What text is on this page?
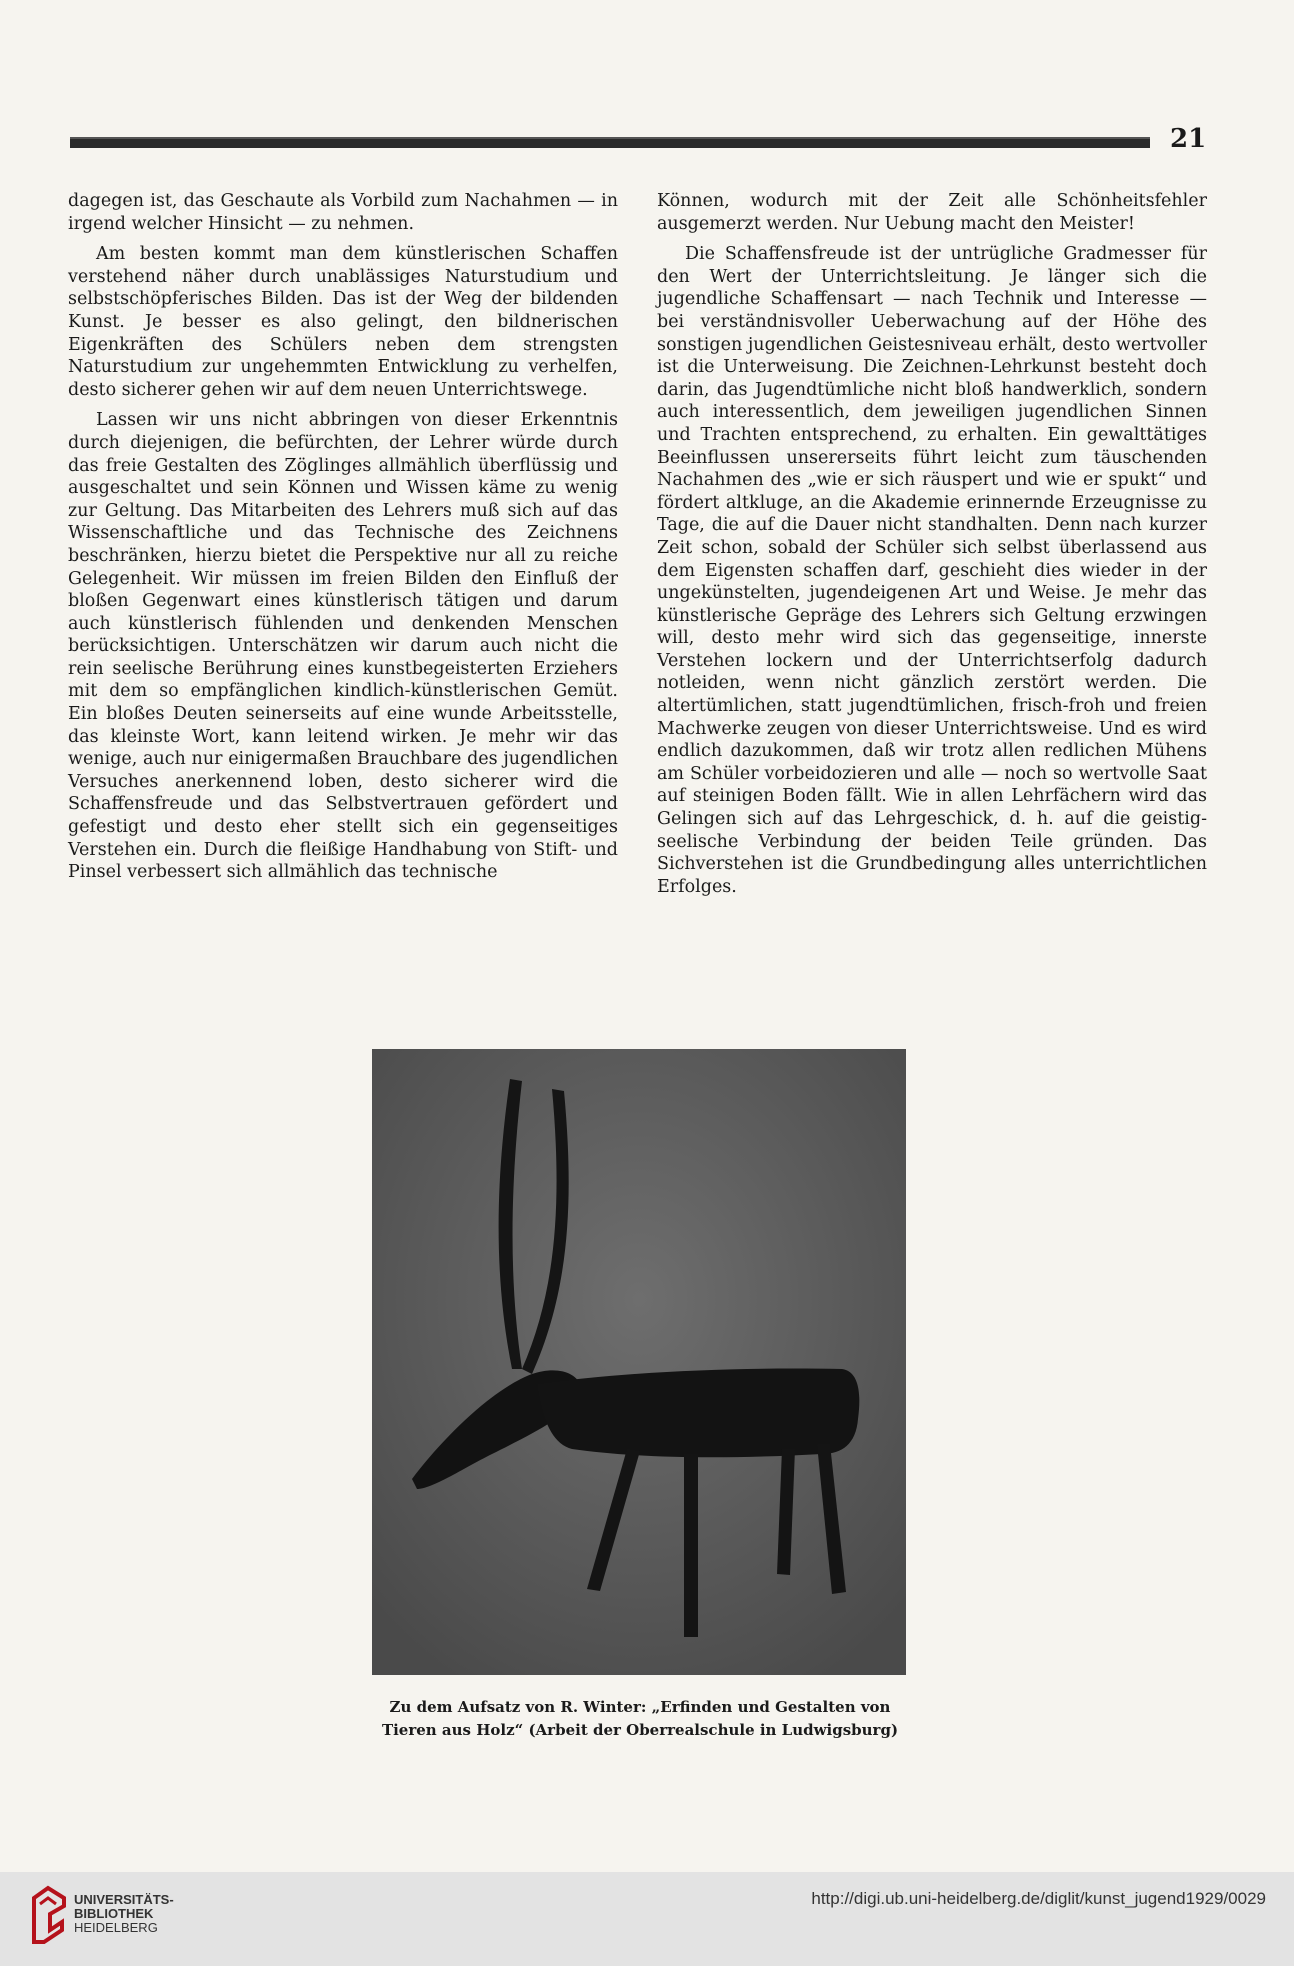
21

dagegen ist, das Geschaute als Vorbild zum Nachahmen — in irgend welcher Hinsicht — zu nehmen.

Am besten kommt man dem künstlerischen Schaffen verstehend näher durch unablässiges Naturstudium und selbstschöpferisches Bilden. Das ist der Weg der bildenden Kunst. Je besser es also gelingt, den bildnerischen Eigenkräften des Schülers neben dem strengsten Naturstudium zur ungehemmten Entwicklung zu verhelfen, desto sicherer gehen wir auf dem neuen Unterrichtswege.

Lassen wir uns nicht abbringen von dieser Erkenntnis durch diejenigen, die befürchten, der Lehrer würde durch das freie Gestalten des Zöglinges allmählich überflüssig und ausgeschaltet und sein Können und Wissen käme zu wenig zur Geltung. Das Mitarbeiten des Lehrers muß sich auf das Wissenschaftliche und das Technische des Zeichnens beschränken, hierzu bietet die Perspektive nur all zu reiche Gelegenheit. Wir müssen im freien Bilden den Einfluß der bloßen Gegenwart eines künstlerisch tätigen und darum auch künstlerisch fühlenden und denkenden Menschen berücksichtigen. Unterschätzen wir darum auch nicht die rein seelische Berührung eines kunstbegeisterten Erziehers mit dem so empfänglichen kindlich-künstlerischen Gemüt. Ein bloßes Deuten seinerseits auf eine wunde Arbeitsstelle, das kleinste Wort, kann leitend wirken. Je mehr wir das wenige, auch nur einigermaßen Brauchbare des jugendlichen Versuches anerkennend loben, desto sicherer wird die Schaffensfreude und das Selbstvertrauen gefördert und gefestigt und desto eher stellt sich ein gegenseitiges Verstehen ein. Durch die fleißige Handhabung von Stift- und Pinsel verbessert sich allmählich das technische

Können, wodurch mit der Zeit alle Schönheitsfehler ausgemerzt werden. Nur Uebung macht den Meister!

Die Schaffensfreude ist der untrügliche Gradmesser für den Wert der Unterrichtsleitung. Je länger sich die jugendliche Schaffensart — nach Technik und Interesse — bei verständnisvoller Ueberwachung auf der Höhe des sonstigen jugendlichen Geistesniveau erhält, desto wertvoller ist die Unterweisung. Die Zeichnen-Lehrkunst besteht doch darin, das Jugendtümliche nicht bloß handwerklich, sondern auch interessentlich, dem jeweiligen jugendlichen Sinnen und Trachten entsprechend, zu erhalten. Ein gewalttätiges Beeinflussen unsererseits führt leicht zum täuschenden Nachahmen des „wie er sich räuspert und wie er spukt“ und fördert altkluge, an die Akademie erinnernde Erzeugnisse zu Tage, die auf die Dauer nicht standhalten. Denn nach kurzer Zeit schon, sobald der Schüler sich selbst überlassend aus dem Eigensten schaffen darf, geschieht dies wieder in der ungekünstelten, jugendeigenen Art und Weise. Je mehr das künstlerische Gepräge des Lehrers sich Geltung erzwingen will, desto mehr wird sich das gegenseitige, innerste Verstehen lockern und der Unterrichtserfolg dadurch notleiden, wenn nicht gänzlich zerstört werden. Die altertümlichen, statt jugendtümlichen, frisch-froh und freien Machwerke zeugen von dieser Unterrichtsweise. Und es wird endlich dazukommen, daß wir trotz allen redlichen Mühens am Schüler vorbeidozieren und alle — noch so wertvolle Saat auf steinigen Boden fällt. Wie in allen Lehrfächern wird das Gelingen sich auf das Lehrgeschick, d. h. auf die geistig-seelische Verbindung der beiden Teile gründen. Das Sichverstehen ist die Grundbedingung alles unterrichtlichen Erfolges.

Zu dem Aufsatz von R. Winter: „Erfinden und Gestalten von
Tieren aus Holz“ (Arbeit der Oberrealschule in Ludwigsburg)
UNIVERSITÄTS-
BIBLIOTHEK
HEIDELBERG
http://digi.ub.uni-heidelberg.de/diglit/kunst_jugend1929/0029
